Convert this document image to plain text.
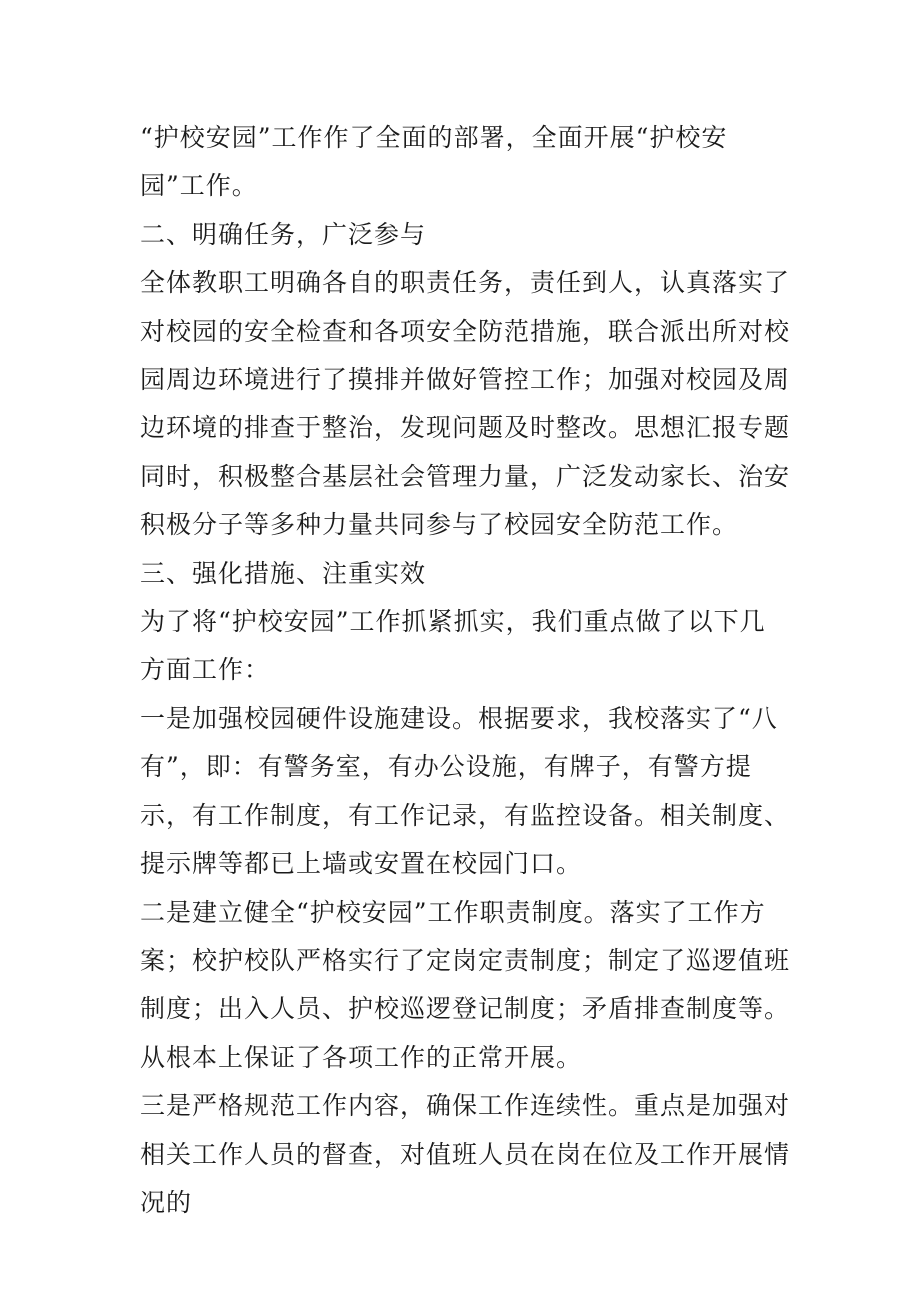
“护校安园”工作作了全面的部署，全面开展“护校安园”工作。

二、明确任务，广泛参与

全体教职工明确各自的职责任务，责任到人，认真落实了对校园的安全检查和各项安全防范措施，联合派出所对校园周边环境进行了摸排并做好管控工作；加强对校园及周边环境的排查于整治，发现问题及时整改。思想汇报专题同时，积极整合基层社会管理力量，广泛发动家长、治安积极分子等多种力量共同参与了校园安全防范工作。

三、强化措施、注重实效

为了将“护校安园”工作抓紧抓实，我们重点做了以下几方面工作：

一是加强校园硬件设施建设。根据要求，我校落实了“八有”，即：有警务室，有办公设施，有牌子，有警方提示，有工作制度，有工作记录，有监控设备。相关制度、提示牌等都已上墙或安置在校园门口。

二是建立健全“护校安园”工作职责制度。落实了工作方案；校护校队严格实行了定岗定责制度；制定了巡逻值班制度；出入人员、护校巡逻登记制度；矛盾排查制度等。从根本上保证了各项工作的正常开展。

三是严格规范工作内容，确保工作连续性。重点是加强对相关工作人员的督查，对值班人员在岗在位及工作开展情况的
